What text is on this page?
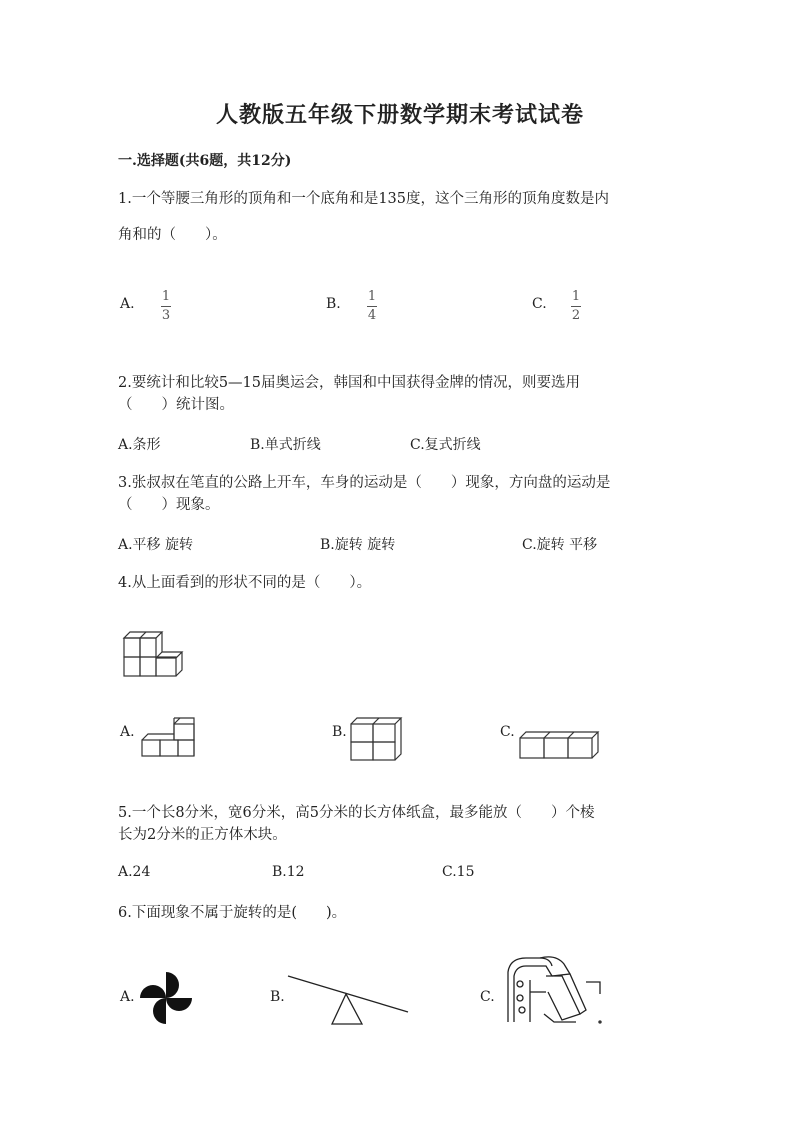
人教版五年级下册数学期末考试试卷
一.选择题(共6题，共12分)
1.一个等腰三角形的顶角和一个底角和是135度，这个三角形的顶角度数是内
角和的（　　）。
A. 1
3
B. 1
4
C. 1
2
2.要统计和比较5—15届奥运会，韩国和中国获得金牌的情况，则要选用
（　　）统计图。
A.条形	B.单式折线	C.复式折线
3.张叔叔在笔直的公路上开车，车身的运动是（　　）现象，方向盘的运动是
（　　）现象。
A.平移 旋转	B.旋转 旋转	C.旋转 平移
4.从上面看到的形状不同的是（　　）。
A.	B.	C.
5.一个长8分米，宽6分米，高5分米的长方体纸盒，最多能放（　　）个棱
长为2分米的正方体木块。
A.24	B.12	C.15
6.下面现象不属于旋转的是(　　)。
A.	B.	C.
